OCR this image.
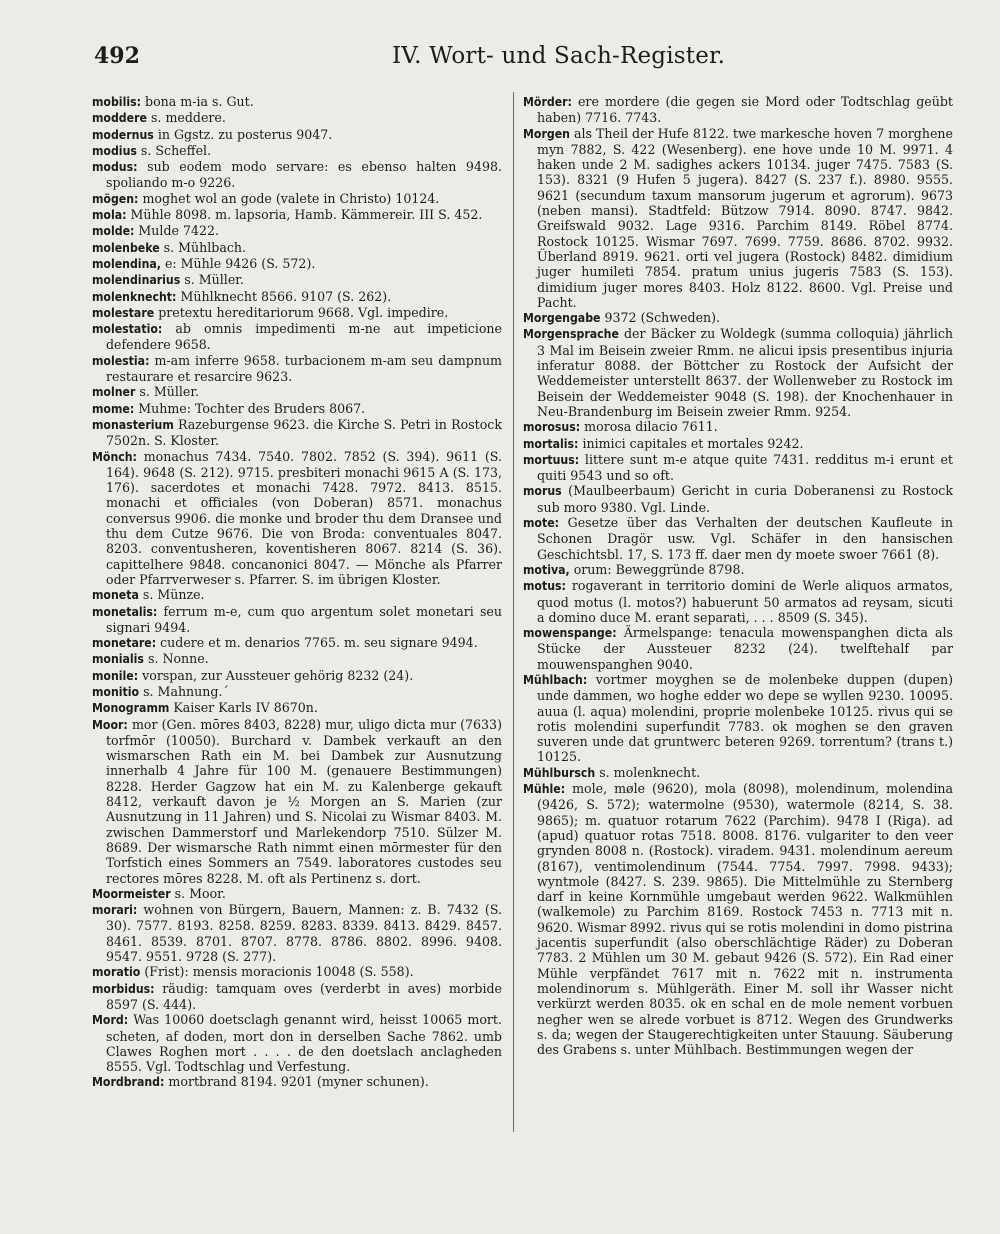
492	IV. Wort- und Sach-Register.

mobilis: bona m-ia s. Gut.

moddere s. meddere.

modernus in Ggstz. zu posterus 9047.

modius s. Scheffel.

modus: sub eodem modo servare: es ebenso halten 9498. spoliando m-o 9226.

mögen: moghet wol an gode (valete in Christo) 10124.

mola: Mühle 8098. m. lapsoria, Hamb. Kämmereir. III S. 452.

molde: Mulde 7422.

molenbeke s. Mühlbach.

molendina, e: Mühle 9426 (S. 572).

molendinarius s. Müller.

molenknecht: Mühlknecht 8566. 9107 (S. 262).

molestare pretextu hereditariorum 9668. Vgl. impedire.

molestatio: ab omnis impedimenti m-ne aut impeticione defendere 9658.

molestia: m-am inferre 9658. turbacionem m-am seu dampnum restaurare et resarcire 9623.

molner s. Müller.

mome: Muhme: Tochter des Bruders 8067.

monasterium Razeburgense 9623. die Kirche S. Petri in Rostock 7502n. S. Kloster.

Mönch: monachus 7434. 7540. 7802. 7852 (S. 394). 9611 (S. 164). 9648 (S. 212). 9715. presbiteri monachi 9615 A (S. 173, 176). sacerdotes et monachi 7428. 7972. 8413. 8515. monachi et officiales (von Doberan) 8571. monachus conversus 9906. die monke und broder thu dem Dransee und thu dem Cutze 9676. Die von Broda: conventuales 8047. 8203. conventusheren, koventisheren 8067. 8214 (S. 36). capittelhere 9848. concanonici 8047. — Mönche als Pfarrer oder Pfarrverweser s. Pfarrer. S. im übrigen Kloster.

moneta s. Münze.

monetalis: ferrum m-e, cum quo argentum solet monetari seu signari 9494.

monetare: cudere et m. denarios 7765. m. seu signare 9494.

monialis s. Nonne.

monile: vorspan, zur Aussteuer gehörig 8232 (24).

monitio s. Mahnung.´

Monogramm Kaiser Karls IV 8670n.

Moor: mor (Gen. mōres 8403, 8228) mur, uligo dicta mur (7633) torfmōr (10050). Burchard v. Dambek verkauft an den wismarschen Rath ein M. bei Dambek zur Ausnutzung innerhalb 4 Jahre für 100 M. (genauere Bestimmungen) 8228. Herder Gagzow hat ein M. zu Kalenberge gekauft 8412, verkauft davon je ½ Morgen an S. Marien (zur Ausnutzung in 11 Jahren) und S. Nicolai zu Wismar 8403. M. zwischen Dammerstorf und Marlekendorp 7510. Sülzer M. 8689. Der wismarsche Rath nimmt einen mōrmester für den Torfstich eines Sommers an 7549. laboratores custodes seu rectores mōres 8228. M. oft als Pertinenz s. dort.

Moormeister s. Moor.

morari: wohnen von Bürgern, Bauern, Mannen: z. B. 7432 (S. 30). 7577. 8193. 8258. 8259. 8283. 8339. 8413. 8429. 8457. 8461. 8539. 8701. 8707. 8778. 8786. 8802. 8996. 9408. 9547. 9551. 9728 (S. 277).

moratio (Frist): mensis moracionis 10048 (S. 558).

morbidus: räudig: tamquam oves (verderbt in aves) morbide 8597 (S. 444).

Mord: Was 10060 doetsclagh genannt wird, heisst 10065 mort. scheten, af doden, mort don in derselben Sache 7862. umb Clawes Roghen mort . . . . de den doetslach anclagheden 8555. Vgl. Todtschlag und Verfestung.

Mordbrand: mortbrand 8194. 9201 (myner schunen).

Mörder: ere mordere (die gegen sie Mord oder Todtschlag geübt haben) 7716. 7743.

Morgen als Theil der Hufe 8122. twe markesche hoven 7 morghene myn 7882, S. 422 (Wesenberg). ene hove unde 10 M. 9971. 4 haken unde 2 M. sadighes ackers 10134. juger 7475. 7583 (S. 153). 8321 (9 Hufen 5 jugera). 8427 (S. 237 f.). 8980. 9555. 9621 (secundum taxum mansorum jugerum et agrorum). 9673 (neben mansi). Stadtfeld: Bützow 7914. 8090. 8747. 9842. Greifswald 9032. Lage 9316. Parchim 8149. Röbel 8774. Rostock 10125. Wismar 7697. 7699. 7759. 8686. 8702. 9932. Überland 8919. 9621. orti vel jugera (Rostock) 8482. dimidium juger humileti 7854. pratum unius jugeris 7583 (S. 153). dimidium juger mores 8403. Holz 8122. 8600. Vgl. Preise und Pacht.

Morgengabe 9372 (Schweden).

Morgensprache der Bäcker zu Woldegk (summa colloquia) jährlich 3 Mal im Beisein zweier Rmm. ne alicui ipsis presentibus injuria inferatur 8088. der Böttcher zu Rostock der Aufsicht der Weddemeister unterstellt 8637. der Wollenweber zu Rostock im Beisein der Weddemeister 9048 (S. 198). der Knochenhauer in Neu-Brandenburg im Beisein zweier Rmm. 9254.

morosus: morosa dilacio 7611.

mortalis: inimici capitales et mortales 9242.

mortuus: littere sunt m-e atque quite 7431. redditus m-i erunt et quiti 9543 und so oft.

morus (Maulbeerbaum) Gericht in curia Doberanensi zu Rostock sub moro 9380. Vgl. Linde.

mote: Gesetze über das Verhalten der deutschen Kaufleute in Schonen Dragör usw. Vgl. Schäfer in den hansischen Geschichtsbl. 17, S. 173 ff. daer men dy moete swoer 7661 (8).

motiva, orum: Beweggründe 8798.

motus: rogaverant in territorio domini de Werle aliquos armatos, quod motus (l. motos?) habuerunt 50 armatos ad reysam, sicuti a domino duce M. erant separati, . . . 8509 (S. 345).

mowenspange: Ärmelspange: tenacula mowenspanghen dicta als Stücke der Aussteuer 8232 (24). twelftehalf par mouwenspanghen 9040.

Mühlbach: vortmer moyghen se de molenbeke duppen (dupen) unde dammen, wo hoghe edder wo depe se wyllen 9230. 10095. auua (l. aqua) molendini, proprie molenbeke 10125. rivus qui se rotis molendini superfundit 7783. ok moghen se den graven suveren unde dat gruntwerc beteren 9269. torrentum? (trans t.) 10125.

Mühlbursch s. molenknecht.

Mühle: mole, møle (9620), mola (8098), molendinum, molendina (9426, S. 572); watermolne (9530), watermole (8214, S. 38. 9865); m. quatuor rotarum 7622 (Parchim). 9478 I (Riga). ad (apud) quatuor rotas 7518. 8008. 8176. vulgariter to den veer grynden 8008 n. (Rostock). viradem. 9431. molendinum aereum (8167), ventimolendinum (7544. 7754. 7997. 7998. 9433); wyntmole (8427. S. 239. 9865). Die Mittelmühle zu Sternberg darf in keine Kornmühle umgebaut werden 9622. Walkmühlen (walkemole) zu Parchim 8169. Rostock 7453 n. 7713 mit n. 9620. Wismar 8992. rivus qui se rotis molendini in domo pistrina jacentis superfundit (also oberschlächtige Räder) zu Doberan 7783. 2 Mühlen um 30 M. gebaut 9426 (S. 572). Ein Rad einer Mühle verpfändet 7617 mit n. 7622 mit n. instrumenta molendinorum s. Mühlgeräth. Einer M. soll ihr Wasser nicht verkürzt werden 8035. ok en schal en de mole nement vorbuen negher wen se alrede vorbuet is 8712. Wegen des Grundwerks s. da; wegen der Staugerechtigkeiten unter Stauung. Säuberung des Grabens s. unter Mühlbach. Bestimmungen wegen der
